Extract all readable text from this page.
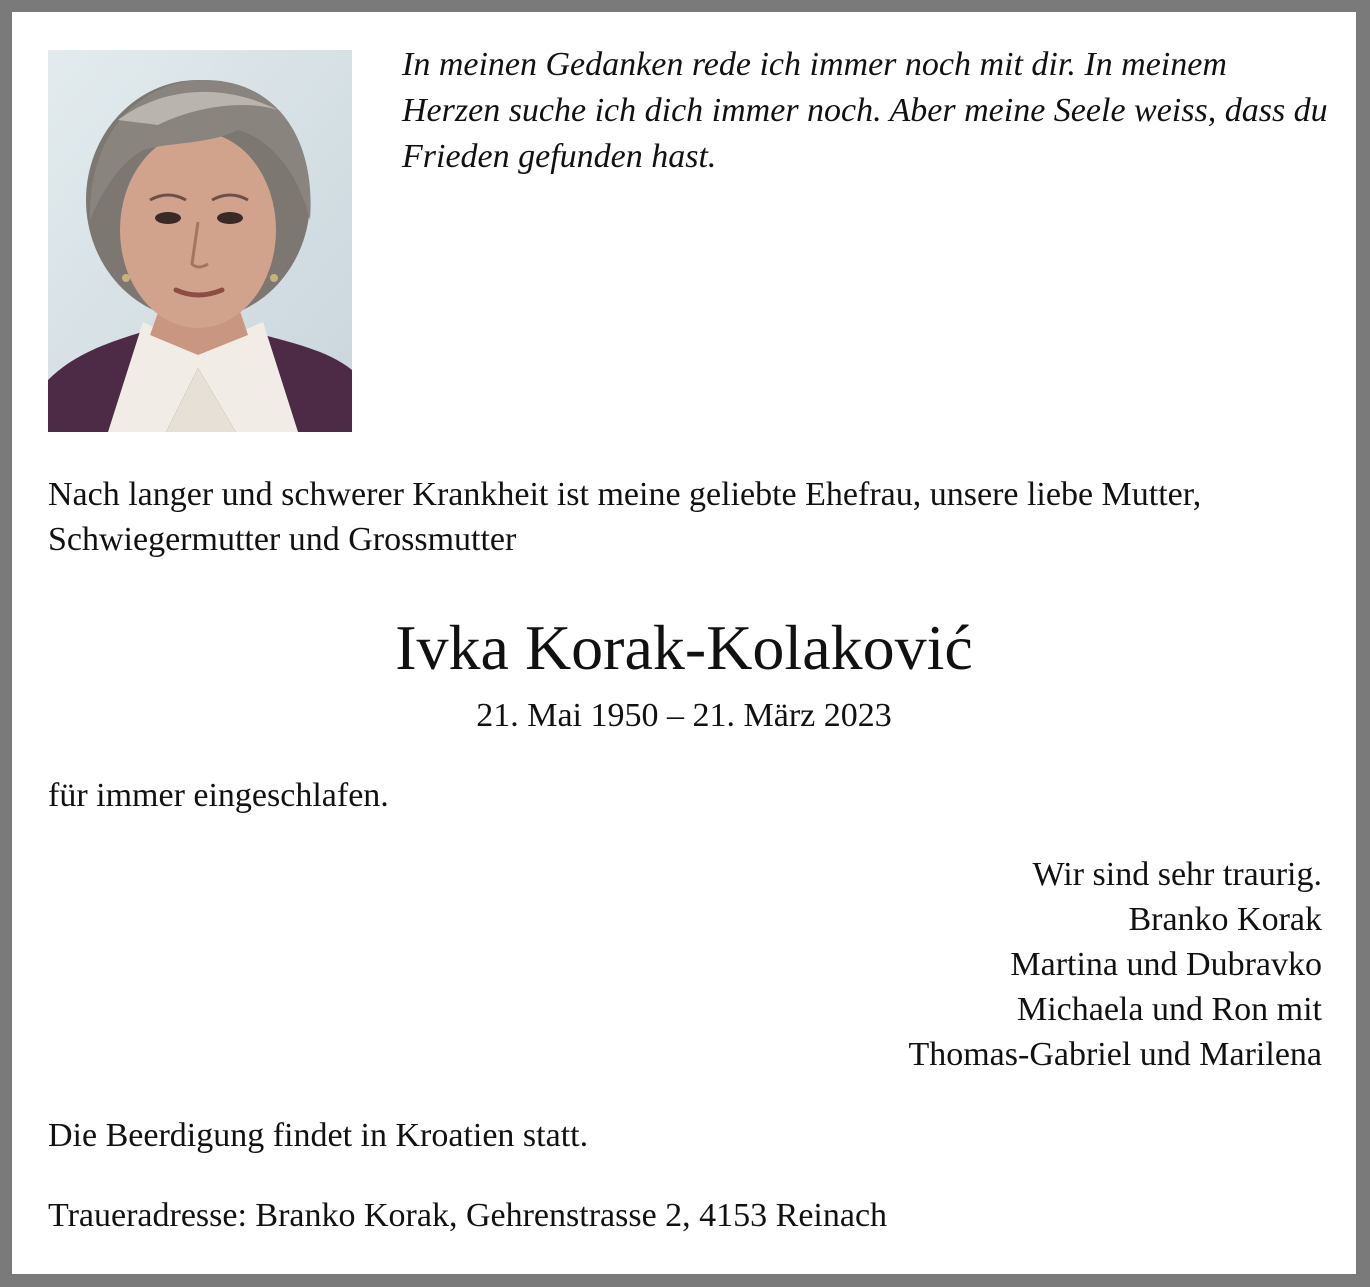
In meinen Gedanken rede ich immer noch mit dir. In meinem Herzen suche ich dich immer noch. Aber meine Seele weiss, dass du Frieden gefunden hast.

Nach langer und schwerer Krankheit ist meine geliebte Ehefrau, unsere liebe Mutter, Schwiegermutter und Grossmutter

Ivka Korak-Kolaković

21. Mai 1950 – 21. März 2023

für immer eingeschlafen.

Wir sind sehr traurig.
Branko Korak
Martina und Dubravko
Michaela und Ron mit
Thomas-Gabriel und Marilena

Die Beerdigung findet in Kroatien statt.

Traueradresse: Branko Korak, Gehrenstrasse 2, 4153 Reinach
